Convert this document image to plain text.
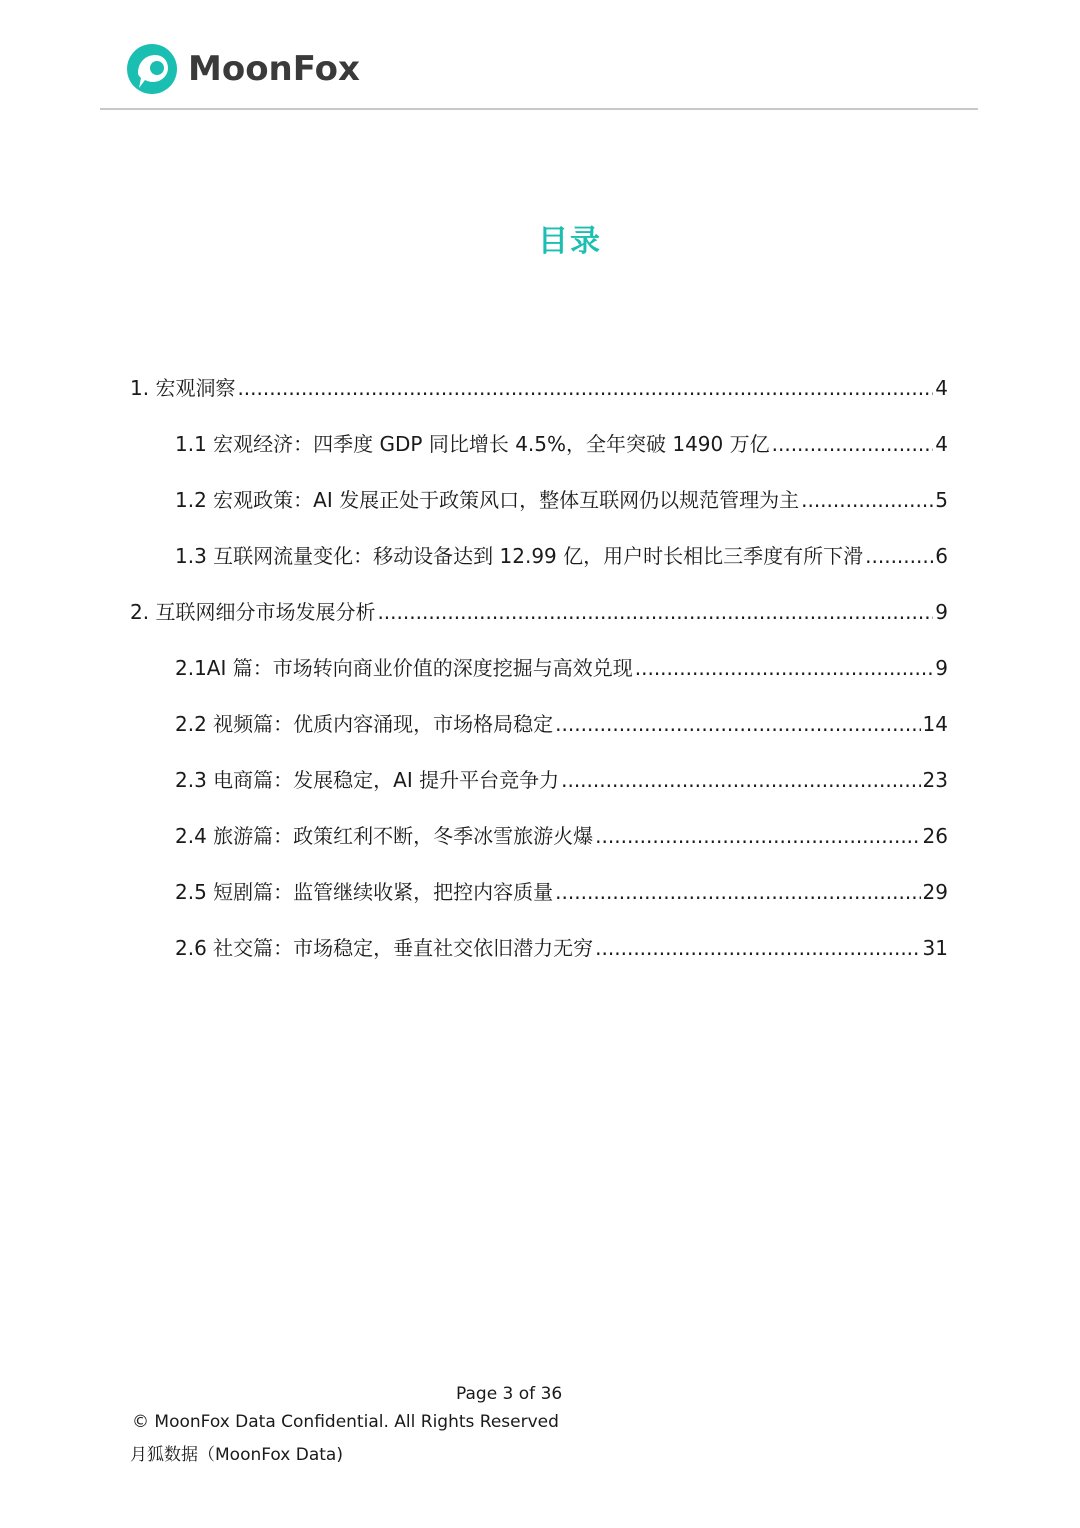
MoonFox
目录
1. 宏观洞察 .....	4
1.1 宏观经济：四季度 GDP 同比增长 4.5%，全年突破 1490 万亿 .....	4
1.2 宏观政策：AI 发展正处于政策风口，整体互联网仍以规范管理为主 .....	5
1.3 互联网流量变化：移动设备达到 12.99 亿，用户时长相比三季度有所下滑 .....	6
2. 互联网细分市场发展分析 .....	9
2.1AI 篇：市场转向商业价值的深度挖掘与高效兑现 .....	9
2.2 视频篇：优质内容涌现，市场格局稳定 .....	14
2.3 电商篇：发展稳定，AI 提升平台竞争力 .....	23
2.4 旅游篇：政策红利不断，冬季冰雪旅游火爆 .....	26
2.5 短剧篇：监管继续收紧，把控内容质量 .....	29
2.6 社交篇：市场稳定，垂直社交依旧潜力无穷 .....	31
Page 3 of 36
© MoonFox Data Confidential. All Rights Reserved
月狐数据（MoonFox Data)
